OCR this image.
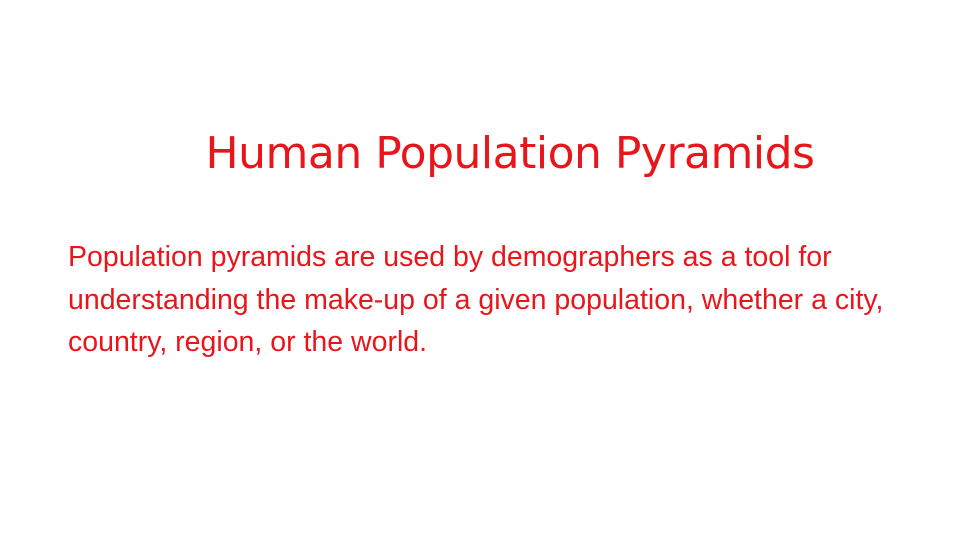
Human Population Pyramids

Population pyramids are used by demographers as a tool for understanding the make-up of a given population, whether a city, country, region, or the world.
